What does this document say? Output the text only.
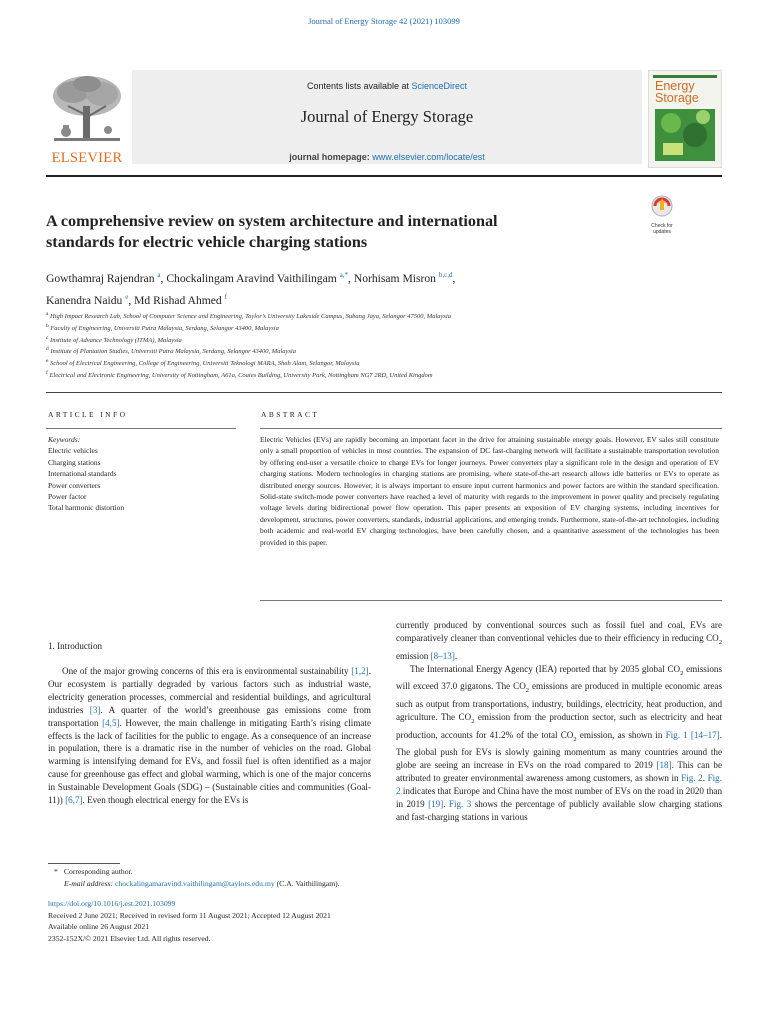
Journal of Energy Storage 42 (2021) 103099
ELSEVIER
Contents lists available at ScienceDirect
Journal of Energy Storage
journal homepage: www.elsevier.com/locate/est
Energy
Storage
Check for
updates
A comprehensive review on system architecture and international
standards for electric vehicle charging stations
Gowthamraj Rajendran $^a$, Chockalingam Aravind Vaithilingam $^{a,*}$, Norhisam Misron $^{b,c,d}$,
Kanendra Naidu $^e$, Md Rishad Ahmed $^f$
$^a$ High Impact Research Lab, School of Computer Science and Engineering, Taylor’s University Lakeside Campus, Subang Jaya, Selangor 47500, Malaysia
$^b$ Faculty of Engineering, Universiti Putra Malaysia, Serdang, Selangor 43400, Malaysia
$^c$ Institute of Advance Technology (ITMA), Malaysia
$^d$ Institute of Plantation Studies, Universiti Putra Malaysia, Serdang, Selangor 43400, Malaysia
$^e$ School of Electrical Engineering, College of Engineering, Universiti Teknologi MARA, Shah Alam, Selangor, Malaysia
$^f$ Electrical and Electronic Engineering, University of Nottingham, A61a, Coates Building, University Park, Nottingham NG7 2RD, United Kingdom
ARTICLE INFO	ABSTRACT
Keywords:
Electric vehicles
Charging stations
International standards
Power converters
Power factor
Total harmonic distortion
Electric Vehicles (EVs) are rapidly becoming an important facet in the drive for attaining sustainable energy goals. However, EV sales still constitute only a small proportion of vehicles in most countries. The expansion of DC fast-charging network will facilitate a sustainable transportation revolution by offering end-user a versatile choice to charge EVs for longer journeys. Power converters play a significant role in the design and operation of EV charging stations. Modern technologies in charging stations are promising, where state-of-the-art research allows idle batteries or EVs to operate as distributed energy sources. However, it is always important to ensure input current harmonics and power factors are within the standard specification. Solid-state switch-mode power converters have reached a level of maturity with regards to the improvement in power quality and precisely regulating voltage levels during bidirectional power flow operation. This paper presents an exposition of EV charging systems, including incentives for development, structures, power converters, standards, industrial applications, and emerging trends. Furthermore, state-of-the-art technologies, including both academic and real-world EV charging technologies, have been carefully chosen, and a quantitative assessment of the technologies has been provided in this paper.
1. Introduction

One of the major growing concerns of this era is environmental sustainability [1,2]. Our ecosystem is partially degraded by various factors such as industrial waste, electricity generation processes, commercial and residential buildings, and agricultural industries [3]. A quarter of the world’s greenhouse gas emissions come from transportation [4,5]. However, the main challenge in mitigating Earth’s rising climate effects is the lack of facilities for the public to engage. As a consequence of an increase in population, there is a dramatic rise in the number of vehicles on the road. Global warming is intensifying demand for EVs, and fossil fuel is often identified as a major cause for greenhouse gas effect and global warming, which is one of the major concerns in Sustainable Development Goals (SDG) – (Sustainable cities and communities (Goal-11)) [6,7]. Even though electrical energy for the EVs is

currently produced by conventional sources such as fossil fuel and coal, EVs are comparatively cleaner than conventional vehicles due to their efficiency in reducing $CO_2$ emission [8–13].

The International Energy Agency (IEA) reported that by 2035 global $CO_2$ emissions will exceed 37.0 gigatons. The $CO_2$ emissions are produced in multiple economic areas such as output from transportations, industry, buildings, electricity, heat production, and agriculture. The $CO_2$ emission from the production sector, such as electricity and heat production, accounts for 41.2% of the total $CO_2$ emission, as shown in Fig. 1 [14–17]. The global push for EVs is slowly gaining momentum as many countries around the globe are seeing an increase in EVs on the road compared to 2019 [18]. This can be attributed to greater environmental awareness among customers, as shown in Fig. 2. Fig. 2 indicates that Europe and China have the most number of EVs on the road in 2020 than in 2019 [19]. Fig. 3 shows the percentage of publicly available slow charging stations and fast-charging stations in various

* Corresponding author.
E-mail address: chockalingamaravind.vaithilingam@taylors.edu.my (C.A. Vaithilingam).
https://doi.org/10.1016/j.est.2021.103099
Received 2 June 2021; Received in revised form 11 August 2021; Accepted 12 August 2021
Available online 26 August 2021
2352-152X/© 2021 Elsevier Ltd. All rights reserved.
